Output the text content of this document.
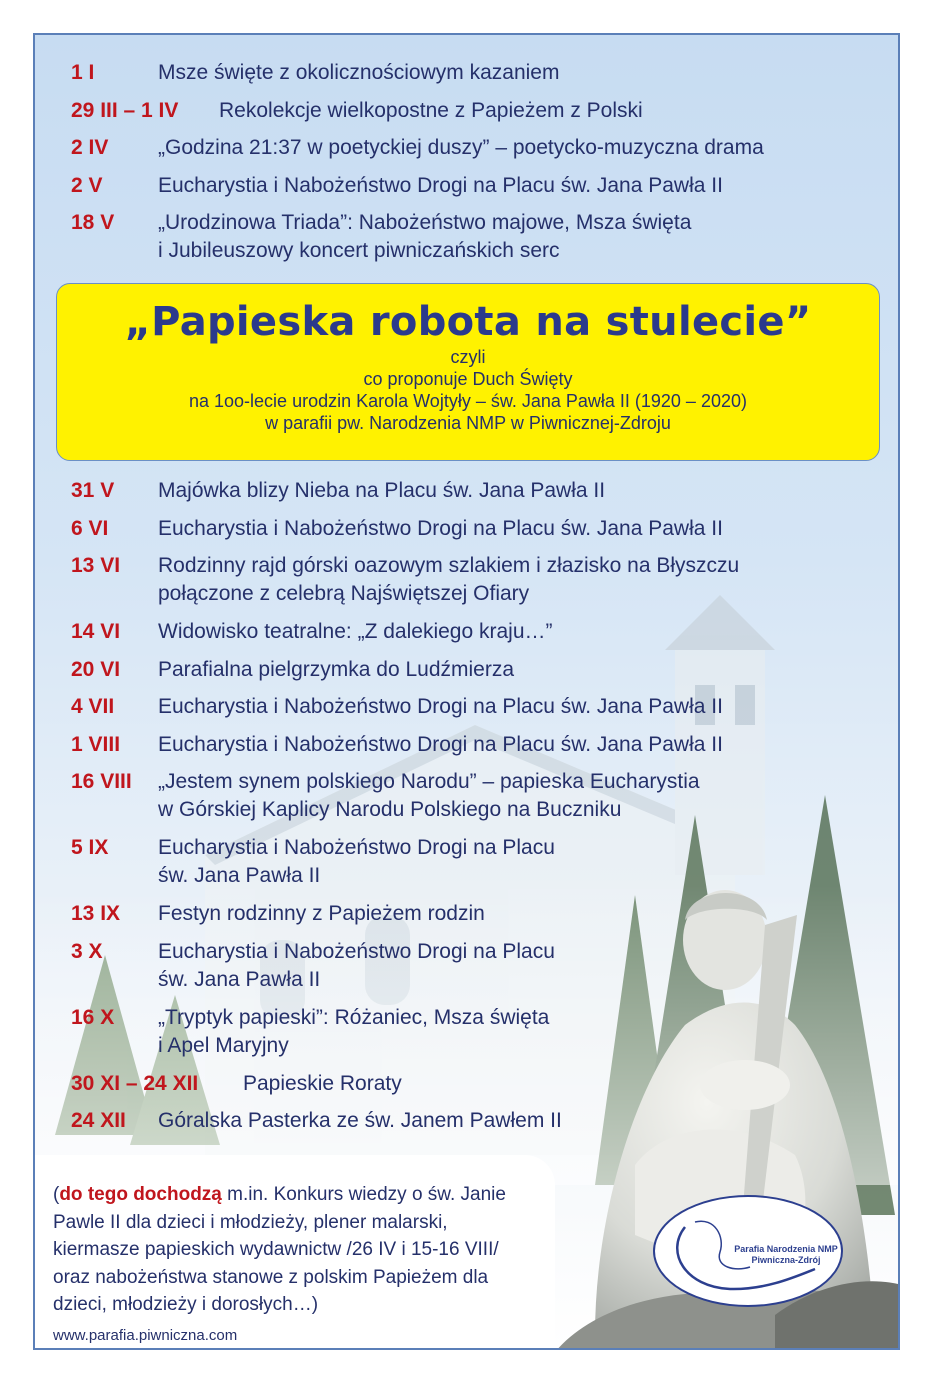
1 I	Msze święte z okolicznościowym kazaniem
29 III – 1 IV Rekolekcje wielkopostne z Papieżem z Polski
2 IV „Godzina 21:37 w poetyckiej duszy” – poetycko-muzyczna drama
2 V	Eucharystia i Nabożeństwo Drogi na Placu św. Jana Pawła II
18 V „Urodzinowa Triada”: Nabożeństwo majowe, Msza święta
i Jubileuszowy koncert piwniczańskich serc
„Papieska robota na stulecie”
czyli
co proponuje Duch Święty
na 1oo-lecie urodzin Karola Wojtyły – św. Jana Pawła II (1920 – 2020)
w parafii pw. Narodzenia NMP w Piwnicznej-Zdroju
31 V Majówka blizy Nieba na Placu św. Jana Pawła II
6 VI Eucharystia i Nabożeństwo Drogi na Placu św. Jana Pawła II
13 VI Rodzinny rajd górski oazowym szlakiem i złazisko na Błyszczu
połączone z celebrą Najświętszej Ofiary
14 VI Widowisko teatralne: „Z dalekiego kraju…”
20 VI Parafialna pielgrzymka do Ludźmierza
4 VII Eucharystia i Nabożeństwo Drogi na Placu św. Jana Pawła II
1 VIII Eucharystia i Nabożeństwo Drogi na Placu św. Jana Pawła II
16 VIII „Jestem synem polskiego Narodu” – papieska Eucharystia
w Górskiej Kaplicy Narodu Polskiego na Buczniku
5 IX Eucharystia i Nabożeństwo Drogi na Placu
św. Jana Pawła II
13 IX Festyn rodzinny z Papieżem rodzin
3 X	Eucharystia i Nabożeństwo Drogi na Placu
św. Jana Pawła II
16 X „Tryptyk papieski”: Różaniec, Msza święta
i Apel Maryjny
30 XI – 24 XII Papieskie Roraty
24 XII Góralska Pasterka ze św. Janem Pawłem II

(do tego dochodzą m.in. Konkurs wiedzy o św. Janie Pawle II dla dzieci i młodzieży, plener malarski, kiermasze papieskich wydawnictw /26 IV i 15-16 VIII/ oraz nabożeństwa stanowe z polskim Papieżem dla dzieci, młodzieży i dorosłych…)

www.parafia.piwniczna.com
Parafia Narodzenia NMP
Piwniczna-Zdrój
